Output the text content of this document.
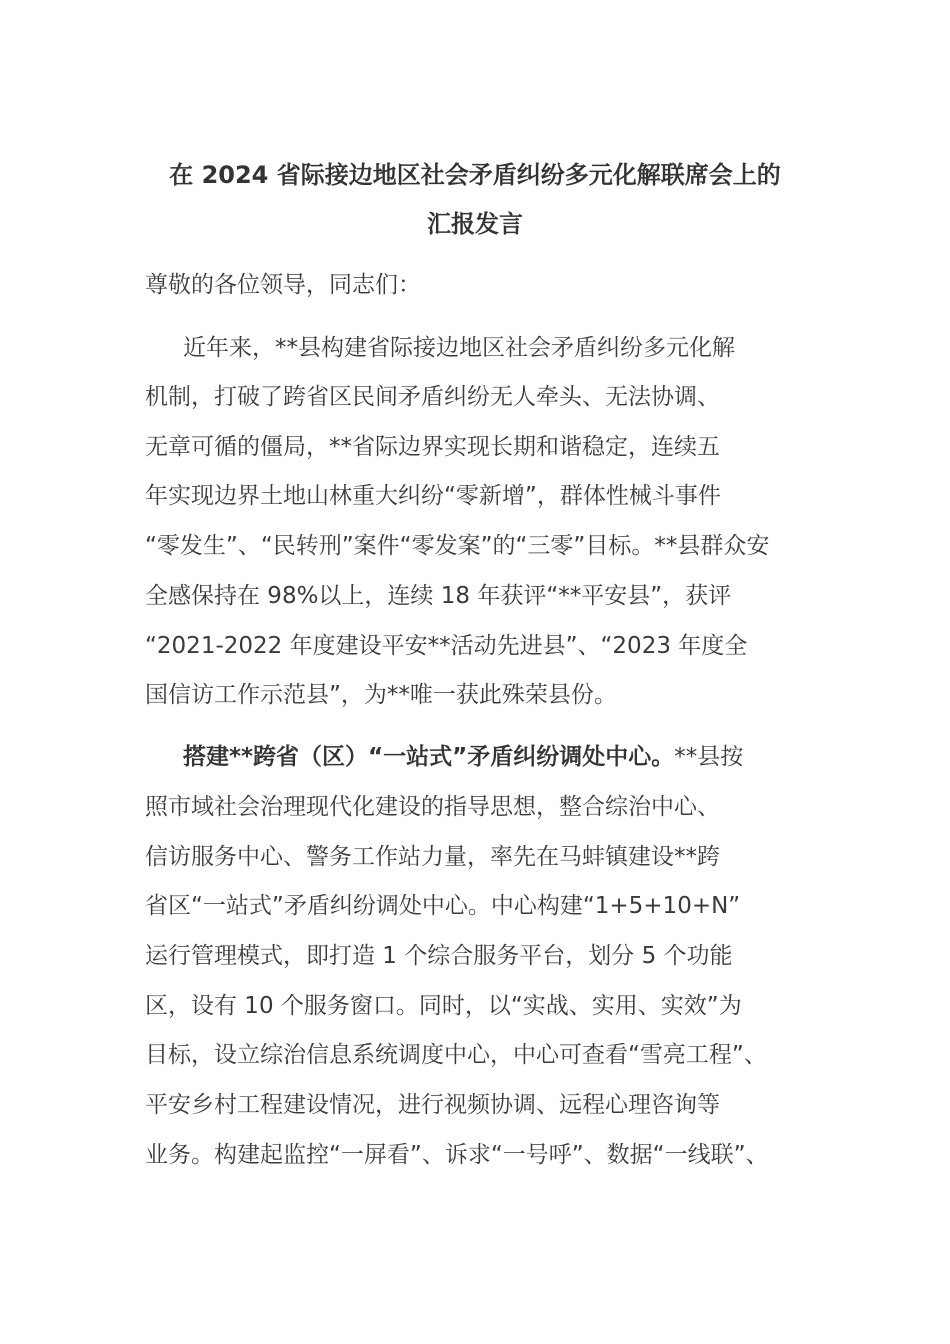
在 2024 省际接边地区社会矛盾纠纷多元化解联席会上的
汇报发言

尊敬的各位领导，同志们：

近年来，**县构建省际接边地区社会矛盾纠纷多元化解

机制，打破了跨省区民间矛盾纠纷无人牵头、无法协调、

无章可循的僵局，**省际边界实现长期和谐稳定，连续五

年实现边界土地山林重大纠纷“零新增”，群体性械斗事件

“零发生”、“民转刑”案件“零发案”的“三零”目标。**县群众安

全感保持在 98%以上，连续 18 年获评“**平安县”，获评

“2021-2022 年度建设平安**活动先进县”、“2023 年度全

国信访工作示范县”，为**唯一获此殊荣县份。

搭建**跨省（区）“一站式”矛盾纠纷调处中心。**县按

照市域社会治理现代化建设的指导思想，整合综治中心、

信访服务中心、警务工作站力量，率先在马蚌镇建设**跨

省区“一站式”矛盾纠纷调处中心。中心构建“1+5+10+N”

运行管理模式，即打造 1 个综合服务平台，划分 5 个功能

区，设有 10 个服务窗口。同时，以“实战、实用、实效”为

目标，设立综治信息系统调度中心，中心可查看“雪亮工程”、

平安乡村工程建设情况，进行视频协调、远程心理咨询等

业务。构建起监控“一屏看”、诉求“一号呼”、数据“一线联”、
